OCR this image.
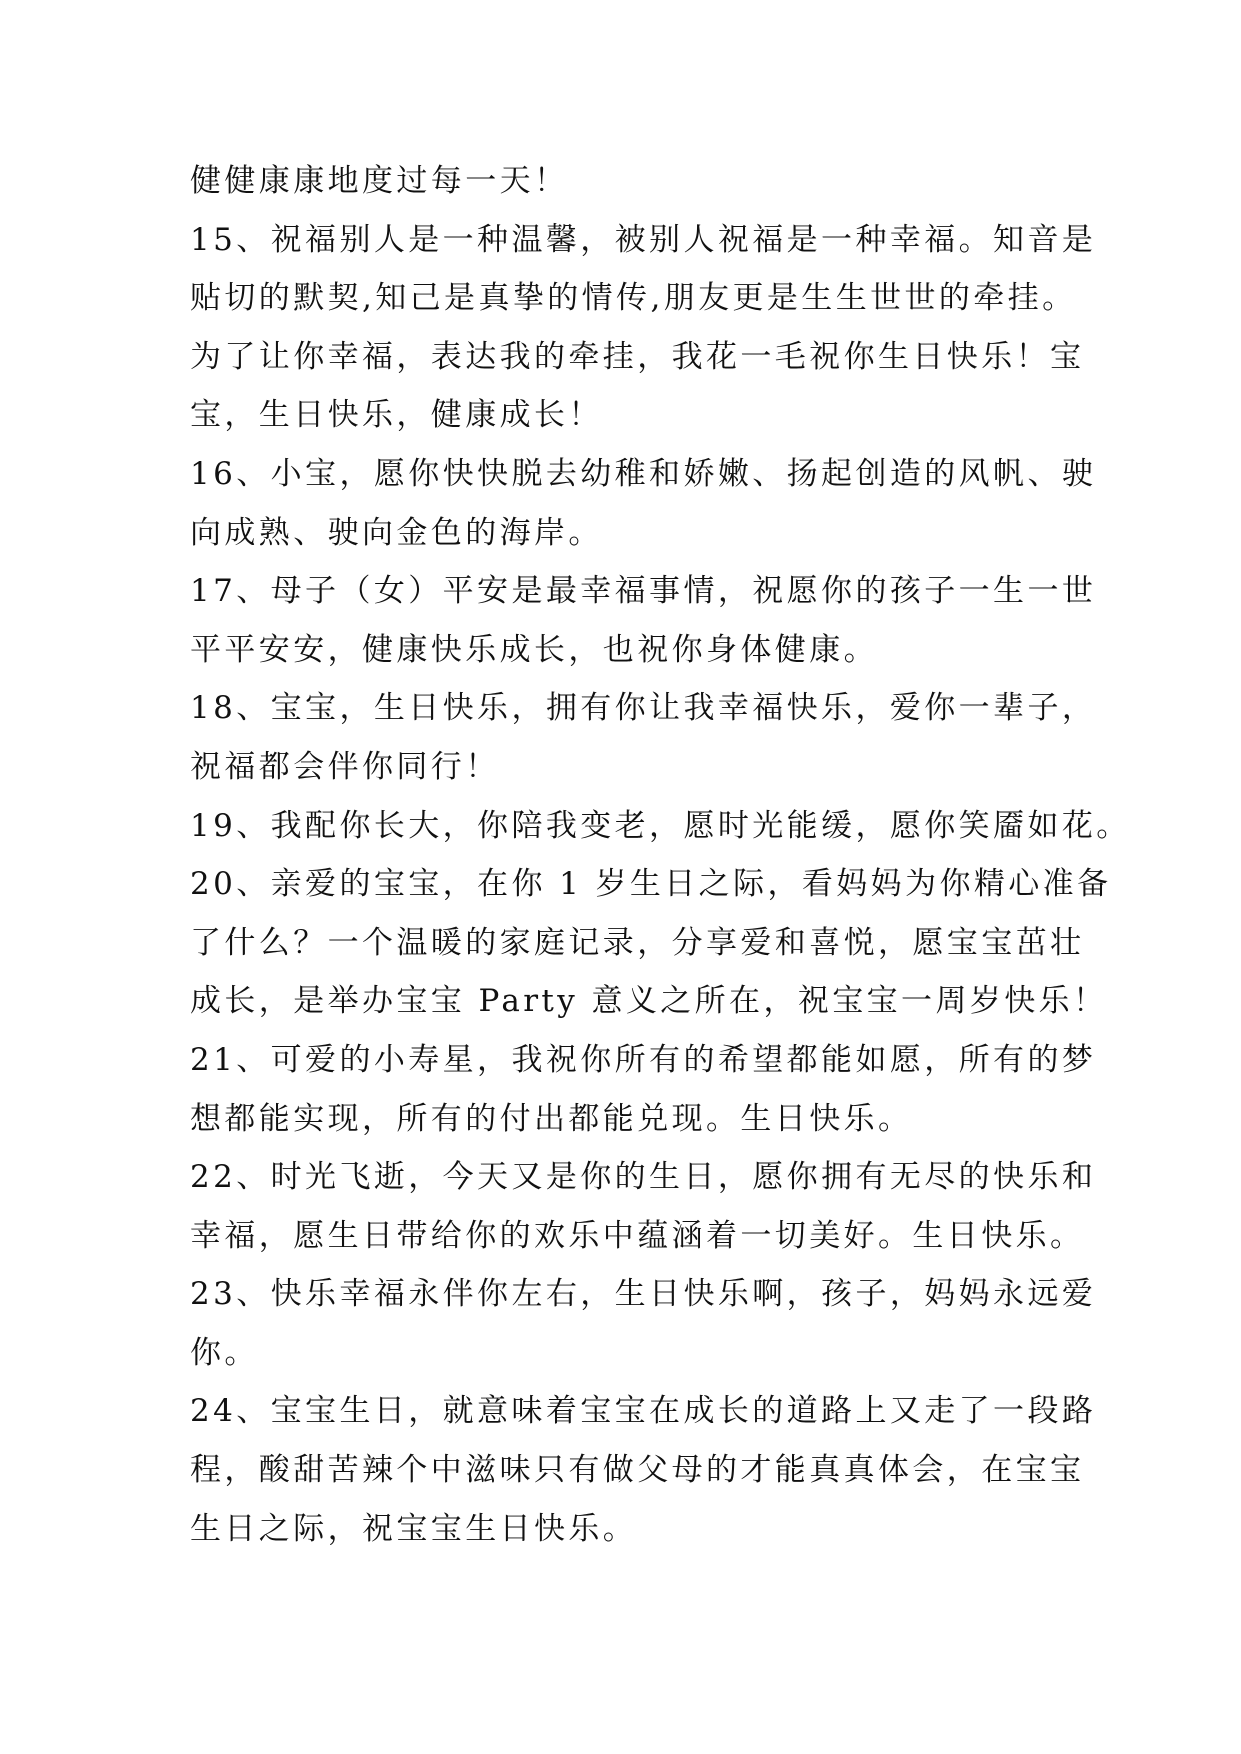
健健康康地度过每一天！
15、祝福别人是一种温馨，被别人祝福是一种幸福。知音是
贴切的默契,知己是真挚的情传,朋友更是生生世世的牵挂。
为了让你幸福，表达我的牵挂，我花一毛祝你生日快乐！宝
宝，生日快乐，健康成长！
16、小宝，愿你快快脱去幼稚和娇嫩、扬起创造的风帆、驶
向成熟、驶向金色的海岸。
17、母子（女）平安是最幸福事情，祝愿你的孩子一生一世
平平安安，健康快乐成长，也祝你身体健康。
18、宝宝，生日快乐，拥有你让我幸福快乐，爱你一辈子，
祝福都会伴你同行！
19、我配你长大，你陪我变老，愿时光能缓，愿你笑靥如花。
20、亲爱的宝宝，在你 1 岁生日之际，看妈妈为你精心准备
了什么？一个温暖的家庭记录，分享爱和喜悦，愿宝宝茁壮
成长，是举办宝宝 Party 意义之所在，祝宝宝一周岁快乐！
21、可爱的小寿星，我祝你所有的希望都能如愿，所有的梦
想都能实现，所有的付出都能兑现。生日快乐。
22、时光飞逝，今天又是你的生日，愿你拥有无尽的快乐和
幸福，愿生日带给你的欢乐中蕴涵着一切美好。生日快乐。
23、快乐幸福永伴你左右，生日快乐啊，孩子，妈妈永远爱
你。
24、宝宝生日，就意味着宝宝在成长的道路上又走了一段路
程，酸甜苦辣个中滋味只有做父母的才能真真体会，在宝宝
生日之际，祝宝宝生日快乐。
